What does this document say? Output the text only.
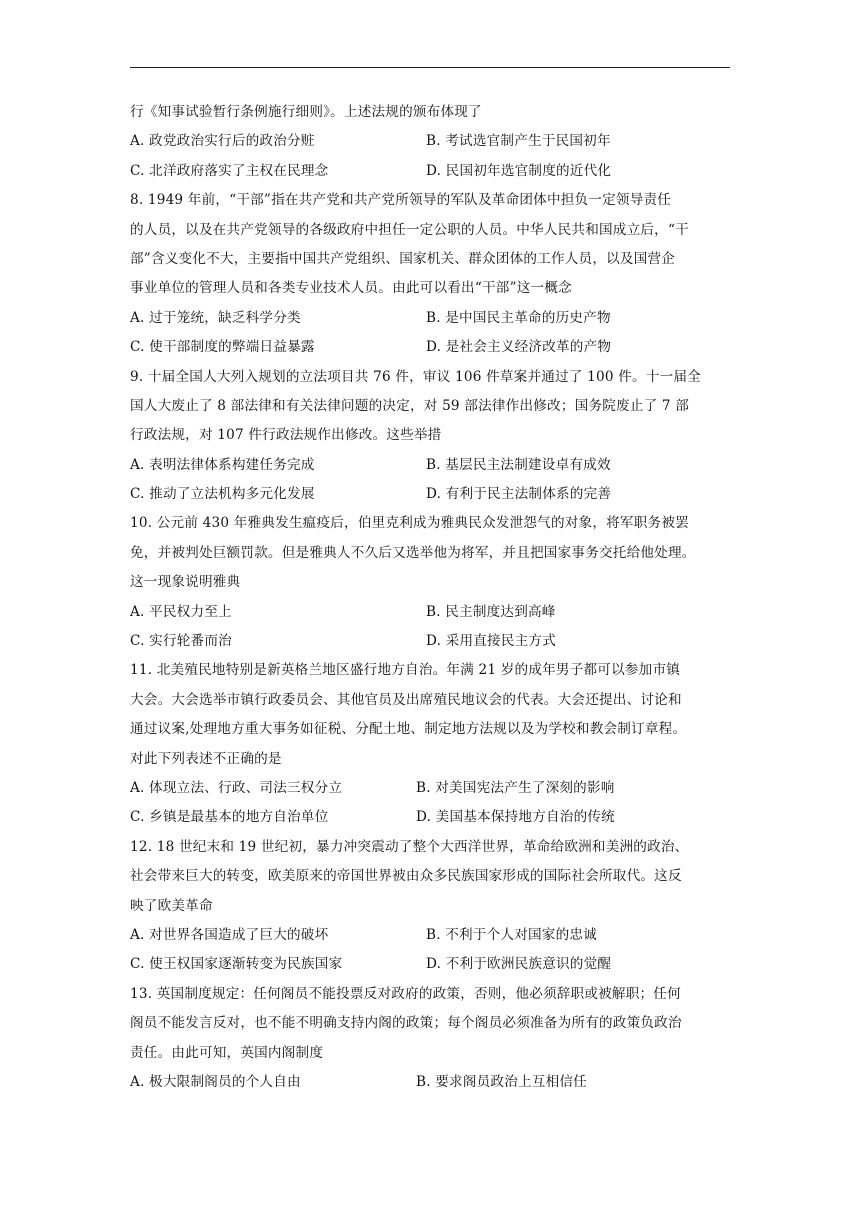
行《知事试验暂行条例施行细则》。上述法规的颁布体现了
A. 政党政治实行后的政治分赃	B. 考试选官制产生于民国初年
C. 北洋政府落实了主权在民理念	D. 民国初年选官制度的近代化
8. 1949 年前，“干部”指在共产党和共产党所领导的军队及革命团体中担负一定领导责任
的人员，以及在共产党领导的各级政府中担任一定公职的人员。中华人民共和国成立后，“干
部”含义变化不大，主要指中国共产党组织、国家机关、群众团体的工作人员，以及国营企
事业单位的管理人员和各类专业技术人员。由此可以看出“干部”这一概念
A. 过于笼统，缺乏科学分类	B. 是中国民主革命的历史产物
C. 使干部制度的弊端日益暴露	D. 是社会主义经济改革的产物
9. 十届全国人大列入规划的立法项目共 76 件，审议 106 件草案并通过了 100 件。十一届全
国人大废止了 8 部法律和有关法律问题的决定，对 59 部法律作出修改；国务院废止了 7 部
行政法规，对 107 件行政法规作出修改。这些举措
A. 表明法律体系构建任务完成	B. 基层民主法制建设卓有成效
C. 推动了立法机构多元化发展	D. 有利于民主法制体系的完善
10. 公元前 430 年雅典发生瘟疫后，伯里克利成为雅典民众发泄怨气的对象，将军职务被罢
免，并被判处巨额罚款。但是雅典人不久后又选举他为将军，并且把国家事务交托给他处理。
这一现象说明雅典
A. 平民权力至上	B. 民主制度达到高峰
C. 实行轮番而治	D. 采用直接民主方式
11. 北美殖民地特别是新英格兰地区盛行地方自治。年满 21 岁的成年男子都可以参加市镇
大会。大会选举市镇行政委员会、其他官员及出席殖民地议会的代表。大会还提出、讨论和
通过议案,处理地方重大事务如征税、分配土地、制定地方法规以及为学校和教会制订章程。
对此下列表述不正确的是
A. 体现立法、行政、司法三权分立	B. 对美国宪法产生了深刻的影响
C. 乡镇是最基本的地方自治单位	D. 美国基本保持地方自治的传统
12. 18 世纪末和 19 世纪初，暴力冲突震动了整个大西洋世界，革命给欧洲和美洲的政治、
社会带来巨大的转变，欧美原来的帝国世界被由众多民族国家形成的国际社会所取代。这反
映了欧美革命
A. 对世界各国造成了巨大的破坏	B. 不利于个人对国家的忠诚
C. 使王权国家逐渐转变为民族国家	D. 不利于欧洲民族意识的觉醒
13. 英国制度规定：任何阁员不能投票反对政府的政策，否则，他必须辞职或被解职；任何
阁员不能发言反对，也不能不明确支持内阁的政策；每个阁员必须准备为所有的政策负政治
责任。由此可知，英国内阁制度
A. 极大限制阁员的个人自由	B. 要求阁员政治上互相信任
